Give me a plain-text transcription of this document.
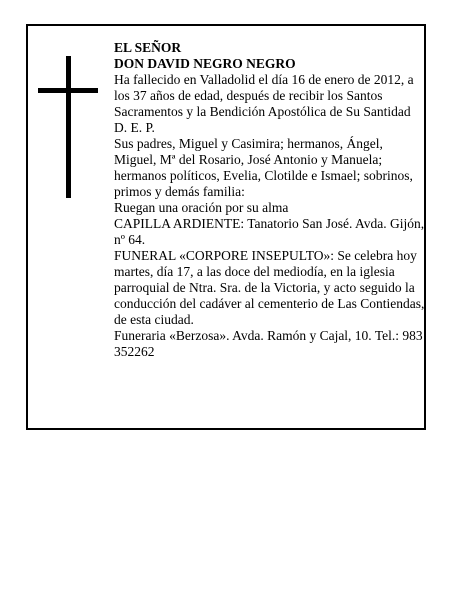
EL SEÑOR

DON DAVID NEGRO NEGRO

Ha fallecido en Valladolid el día 16 de enero de 2012, a los 37 años de edad, después de recibir los Santos Sacramentos y la Bendición Apostólica de Su Santidad D. E. P.

Sus padres, Miguel y Casimira; hermanos, Ángel, Miguel, Mª del Rosario, José Antonio y Manuela; hermanos políticos, Evelia, Clotilde e Ismael; sobrinos, primos y demás familia:

Ruegan una oración por su alma

CAPILLA ARDIENTE: Tanatorio San José. Avda. Gijón, nº 64.

FUNERAL «CORPORE INSEPULTO»: Se celebra hoy martes, día 17, a las doce del mediodía, en la iglesia parroquial de Ntra. Sra. de la Victoria, y acto seguido la conducción del cadáver al cementerio de Las Contiendas, de esta ciudad.

Funeraria «Berzosa». Avda. Ramón y Cajal, 10. Tel.: 983 352262
